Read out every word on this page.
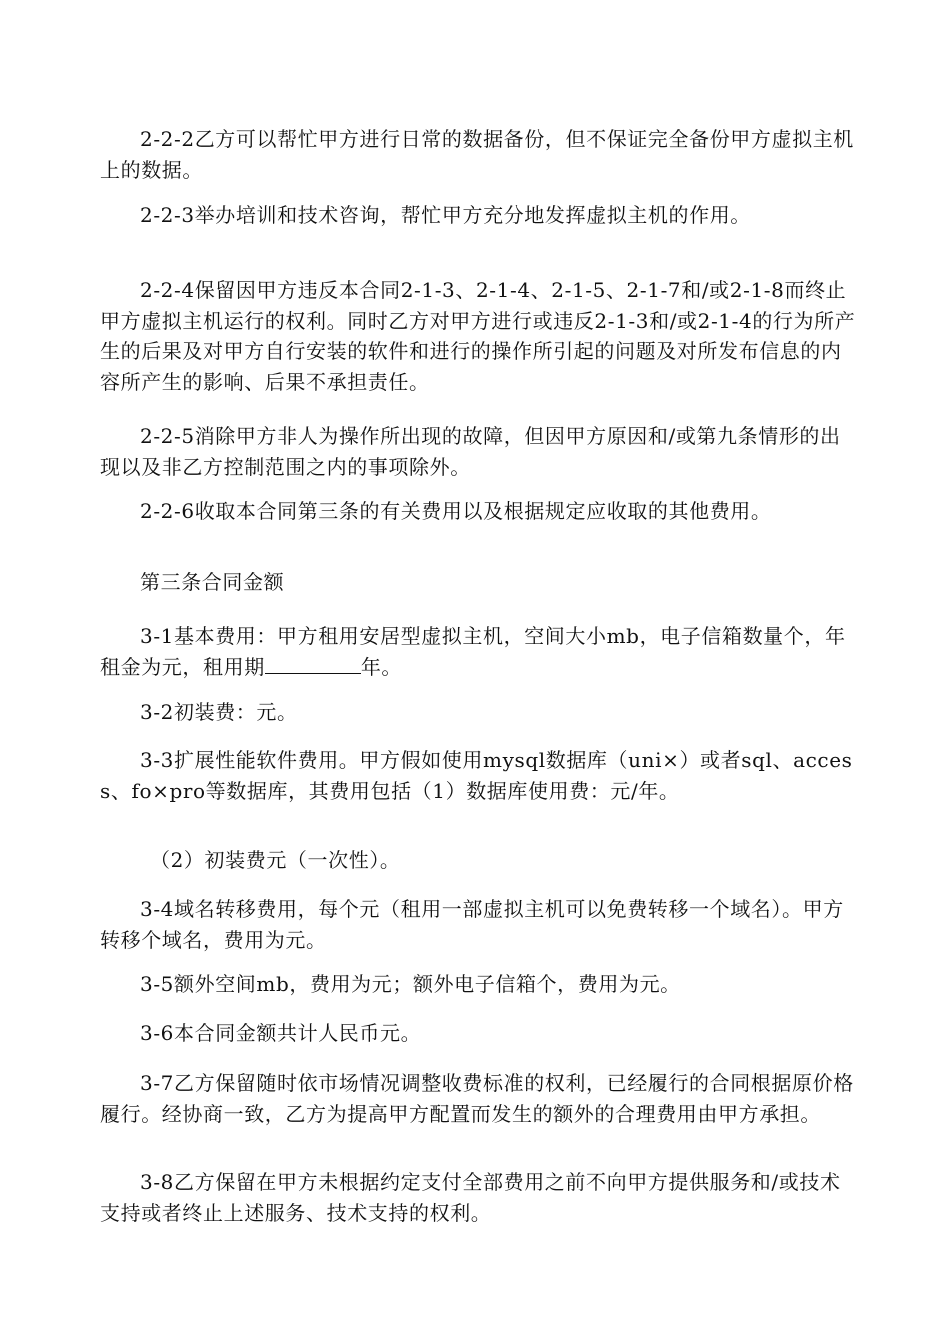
2-2-2乙方可以帮忙甲方进行日常的数据备份，但不保证完全备份甲方虚拟主机上的数据。

2-2-3举办培训和技术咨询，帮忙甲方充分地发挥虚拟主机的作用。

2-2-4保留因甲方违反本合同2-1-3、2-1-4、2-1-5、2-1-7和/或2-1-8而终止甲方虚拟主机运行的权利。同时乙方对甲方进行或违反2-1-3和/或2-1-4的行为所产生的后果及对甲方自行安装的软件和进行的操作所引起的问题及对所发布信息的内容所产生的影响、后果不承担责任。

2-2-5消除甲方非人为操作所出现的故障，但因甲方原因和/或第九条情形的出现以及非乙方控制范围之内的事项除外。

2-2-6收取本合同第三条的有关费用以及根据规定应收取的其他费用。

第三条合同金额

3-1基本费用：甲方租用安居型虚拟主机，空间大小mb，电子信箱数量个，年租金为元，租用期	年。

3-2初装费：元。

3-3扩展性能软件费用。甲方假如使用mysql数据库（uni×）或者sql、access、fo×pro等数据库，其费用包括（1）数据库使用费：元/年。

（2）初装费元（一次性）。

3-4域名转移费用，每个元（租用一部虚拟主机可以免费转移一个域名）。甲方转移个域名，费用为元。

3-5额外空间mb，费用为元；额外电子信箱个，费用为元。

3-6本合同金额共计人民币元。

3-7乙方保留随时依市场情况调整收费标准的权利，已经履行的合同根据原价格履行。经协商一致，乙方为提高甲方配置而发生的额外的合理费用由甲方承担。

3-8乙方保留在甲方未根据约定支付全部费用之前不向甲方提供服务和/或技术支持或者终止上述服务、技术支持的权利。
